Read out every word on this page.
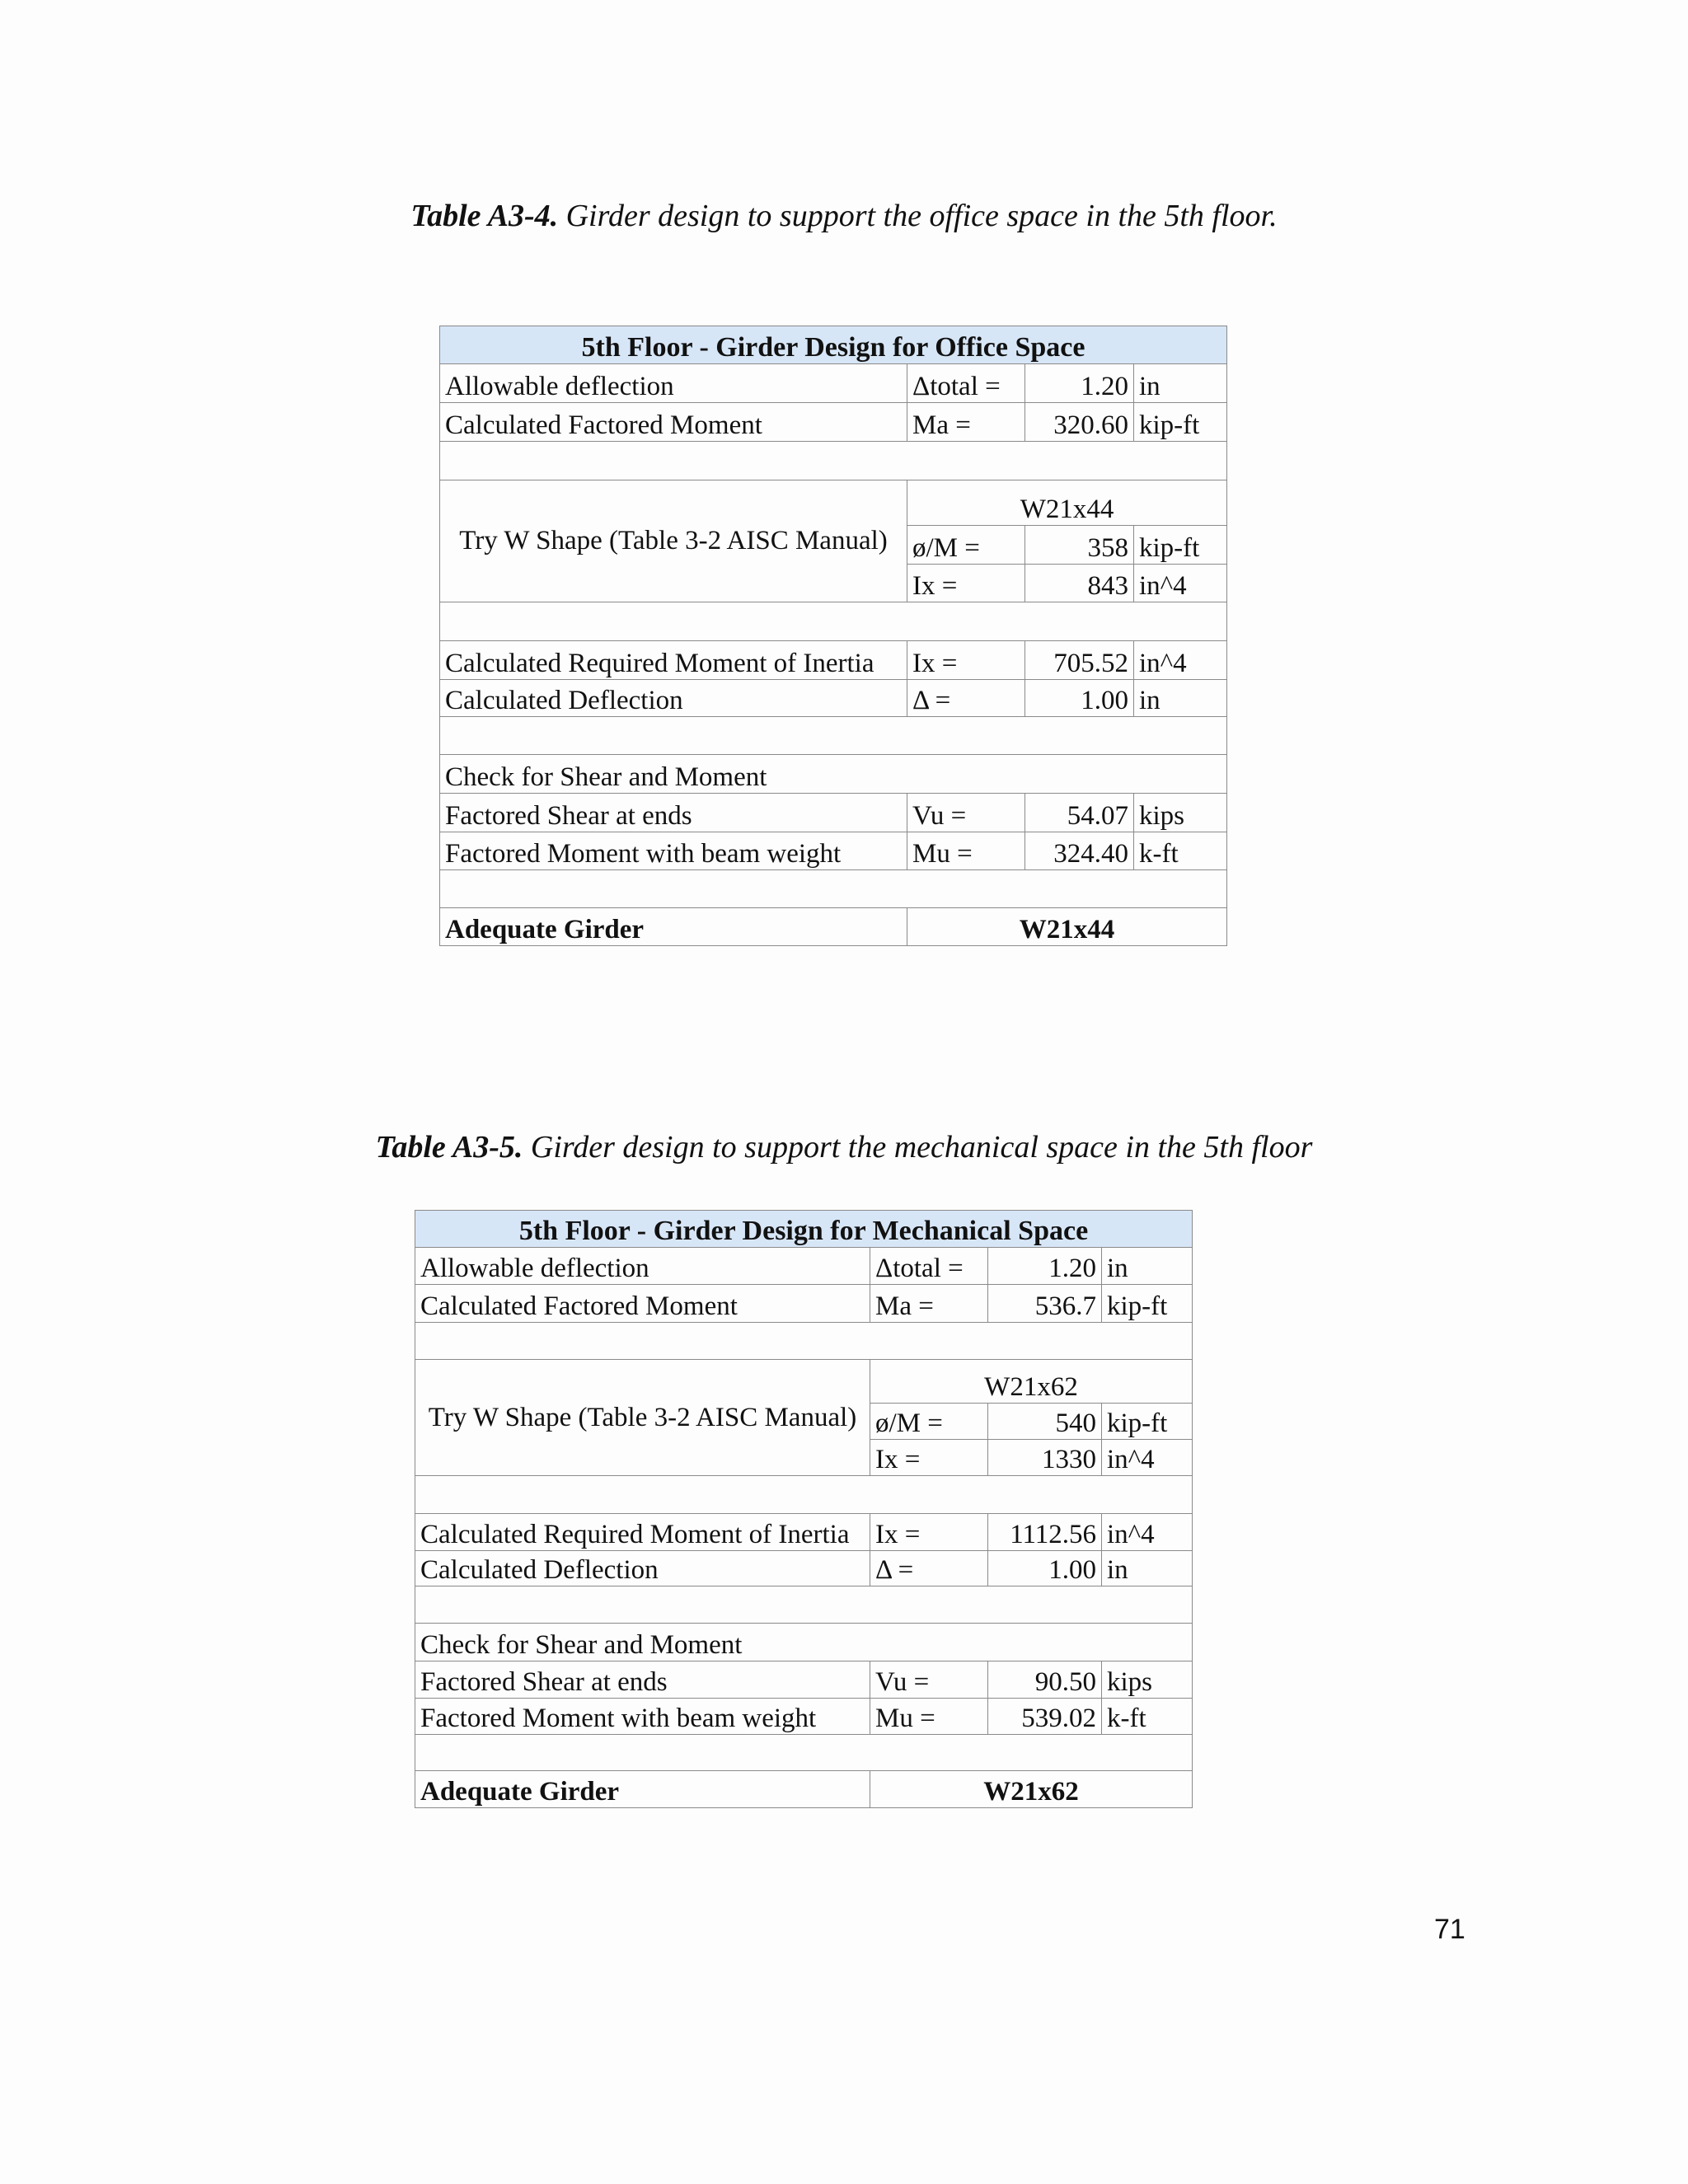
Table A3-4. Girder design to support the office space in the 5th floor.
5th Floor - Girder Design for Office Space			
Allowable deflection	Δtotal =	1.20	in
Calculated Factored Moment	Ma =	320.60	kip-ft

Try W Shape (Table 3-2 AISC Manual)	W21x44		
	ø/M =	358	kip-ft
	Ix =	843	in^4

Calculated Required Moment of Inertia	Ix =	705.52	in^4
Calculated Deflection	Δ =	1.00	in

Check for Shear and Moment			
Factored Shear at ends	Vu =	54.07	kips
Factored Moment with beam weight	Mu =	324.40	k-ft

Adequate Girder	W21x44		
Table A3-5. Girder design to support the mechanical space in the 5th floor
5th Floor - Girder Design for Mechanical Space			
Allowable deflection	Δtotal =	1.20	in
Calculated Factored Moment	Ma =	536.7	kip-ft

Try W Shape (Table 3-2 AISC Manual)	W21x62		
	ø/M =	540	kip-ft
	Ix =	1330	in^4

Calculated Required Moment of Inertia	Ix =	1112.56	in^4
Calculated Deflection	Δ =	1.00	in

Check for Shear and Moment			
Factored Shear at ends	Vu =	90.50	kips
Factored Moment with beam weight	Mu =	539.02	k-ft

Adequate Girder	W21x62		
71
